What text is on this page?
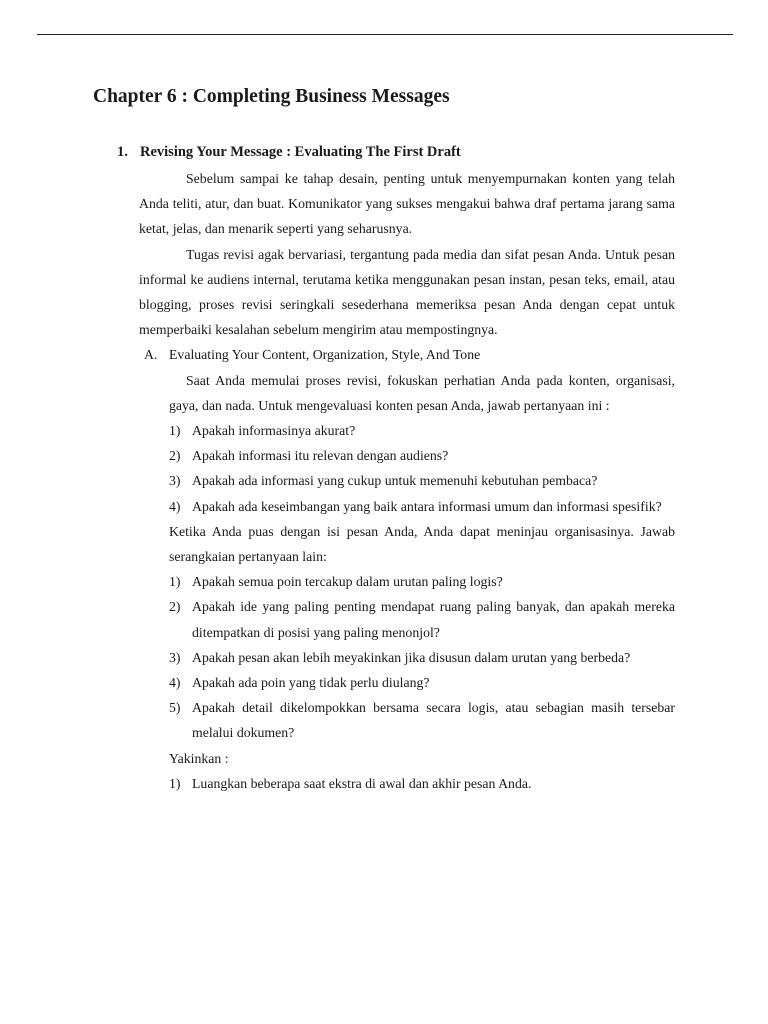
Chapter 6 : Completing Business Messages
1. Revising Your Message : Evaluating The First Draft

Sebelum sampai ke tahap desain, penting untuk menyempurnakan konten yang telah Anda teliti, atur, dan buat. Komunikator yang sukses mengakui bahwa draf pertama jarang sama ketat, jelas, dan menarik seperti yang seharusnya.

Tugas revisi agak bervariasi, tergantung pada media dan sifat pesan Anda. Untuk pesan informal ke audiens internal, terutama ketika menggunakan pesan instan, pesan teks, email, atau blogging, proses revisi seringkali sesederhana memeriksa pesan Anda dengan cepat untuk memperbaiki kesalahan sebelum mengirim atau mempostingnya.

A. Evaluating Your Content, Organization, Style, And Tone

Saat Anda memulai proses revisi, fokuskan perhatian Anda pada konten, organisasi, gaya, dan nada. Untuk mengevaluasi konten pesan Anda, jawab pertanyaan ini :

1) Apakah informasinya akurat?
2) Apakah informasi itu relevan dengan audiens?
3) Apakah ada informasi yang cukup untuk memenuhi kebutuhan pembaca?
4) Apakah ada keseimbangan yang baik antara informasi umum dan informasi spesifik?

Ketika Anda puas dengan isi pesan Anda, Anda dapat meninjau organisasinya. Jawab serangkaian pertanyaan lain:

1) Apakah semua poin tercakup dalam urutan paling logis?
2) Apakah ide yang paling penting mendapat ruang paling banyak, dan apakah mereka ditempatkan di posisi yang paling menonjol?
3) Apakah pesan akan lebih meyakinkan jika disusun dalam urutan yang berbeda?
4) Apakah ada poin yang tidak perlu diulang?
5) Apakah detail dikelompokkan bersama secara logis, atau sebagian masih tersebar melalui dokumen?

Yakinkan :

1) Luangkan beberapa saat ekstra di awal dan akhir pesan Anda.
